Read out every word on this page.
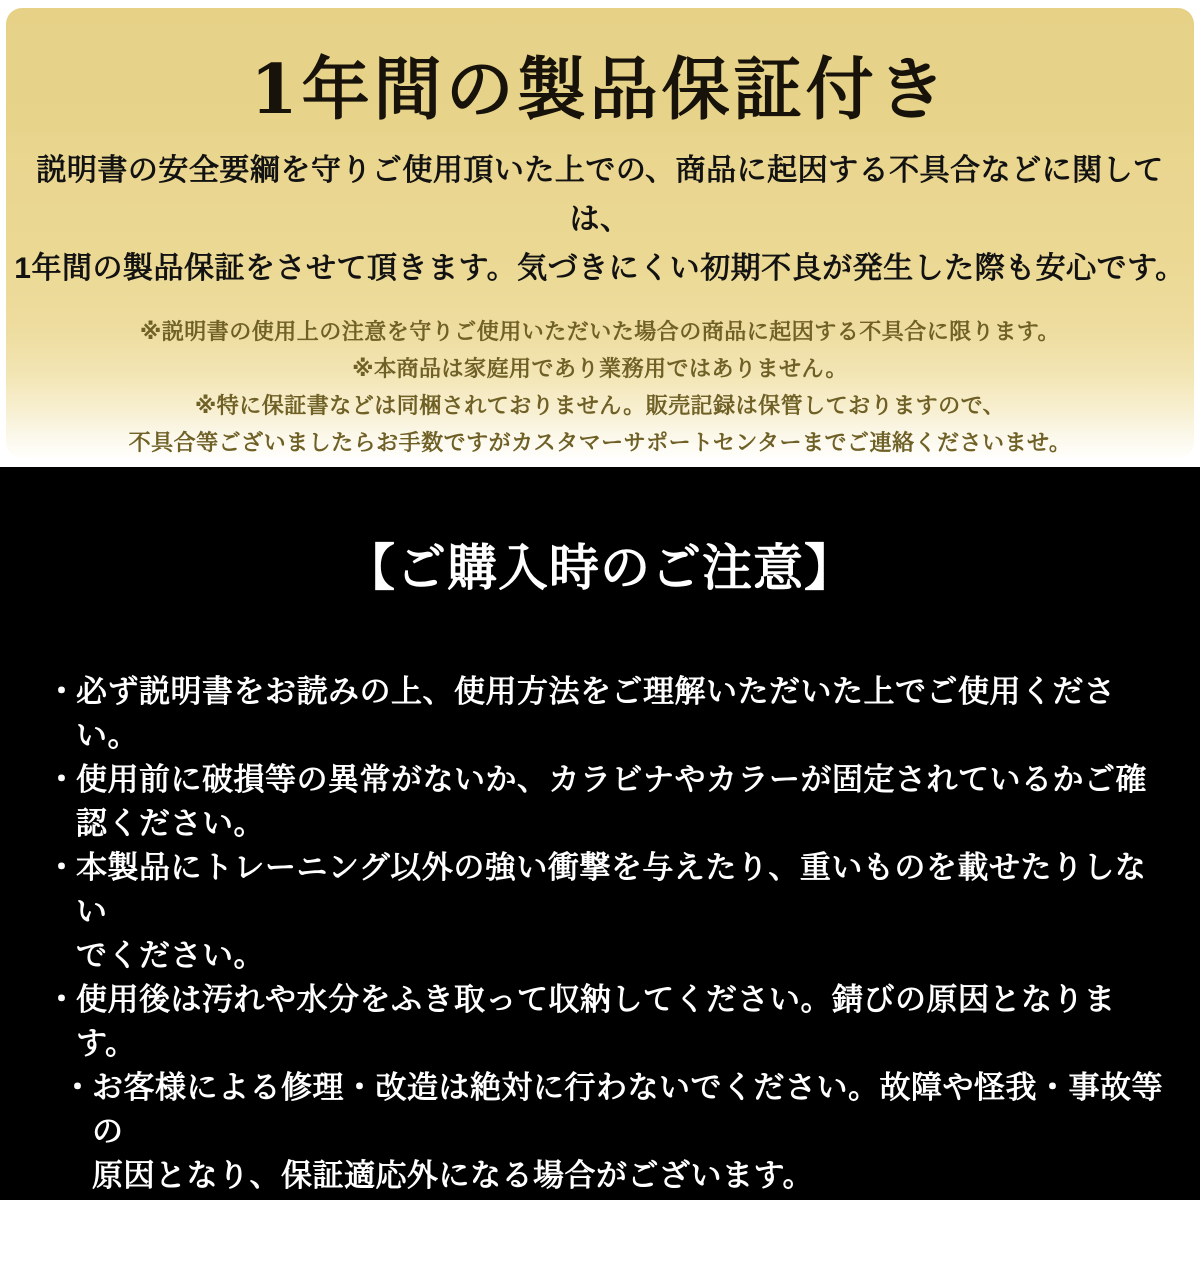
1年間の製品保証付き
説明書の安全要綱を守りご使用頂いた上での、商品に起因する不具合などに関しては、
1年間の製品保証をさせて頂きます。気づきにくい初期不良が発生した際も安心です。
※説明書の使用上の注意を守りご使用いただいた場合の商品に起因する不具合に限ります。
※本商品は家庭用であり業務用ではありません。
※特に保証書などは同梱されておりません。販売記録は保管しておりますので、
不具合等ございましたらお手数ですがカスタマーサポートセンターまでご連絡くださいませ。
【ご購入時のご注意】
・
必ず説明書をお読みの上、使用方法をご理解いただいた上でご使用ください。
・
使用前に破損等の異常がないか、カラビナやカラーが固定されているかご確
認ください。
・
本製品にトレーニング以外の強い衝撃を与えたり、重いものを載せたりしない
でください。
・
使用後は汚れや水分をふき取って収納してください。錆びの原因となります。
・
お客様による修理・改造は絶対に行わないでください。故障や怪我・事故等の
原因となり、保証適応外になる場合がございます。
・
LEADING EDGEは株式会社ＹＯＣＡＢＩＴＯの登録商標です。
類似品やコピー品にご注意ください。
